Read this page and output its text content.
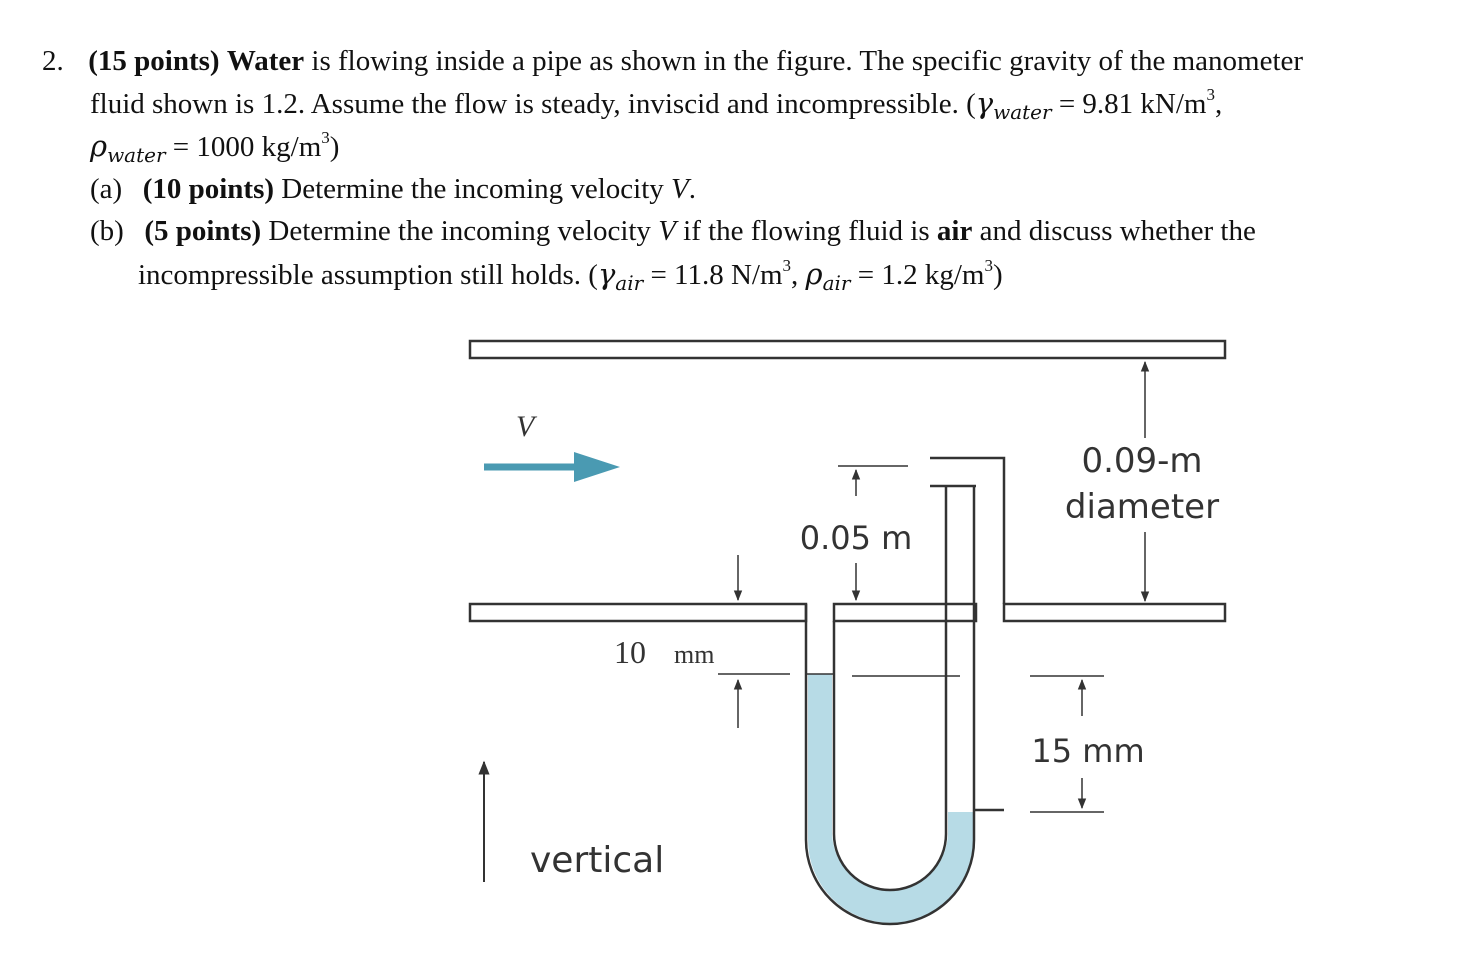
2. (15 points) Water is flowing inside a pipe as shown in the figure. The specific gravity of the manometer
fluid shown is 1.2. Assume the flow is steady, inviscid and incompressible. ($\gamma_{water} = 9.81$ $kN/m^3$,
$\rho_{water} = 1000$ $kg/m^3$)
(a) (10 points) Determine the incoming velocity V.
(b) (5 points) Determine the incoming velocity V if the flowing fluid is air and discuss whether the
incompressible assumption still holds. ($\gamma_{air} = 11.8$ $N/m^3$, $\rho_{air} = 1.2$ $kg/m^3$)
V
0.09-m
diameter
0.05 m
10 mm
15 mm
vertical
